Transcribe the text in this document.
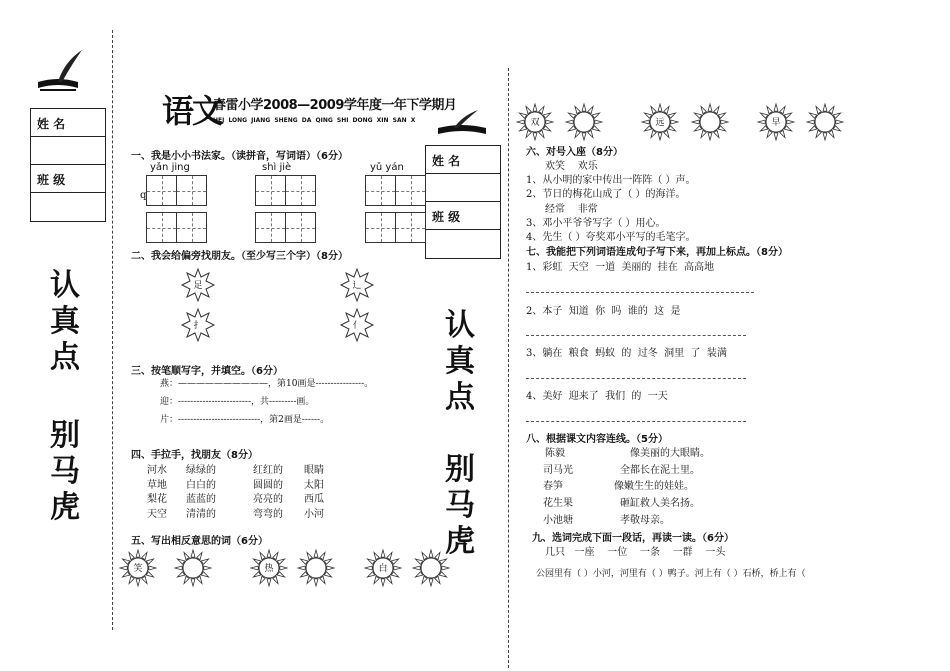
姓 名
班 级
认
真
点
别
马
虎
语文
春雷小学2008—2009学年度一年下学期月
HEI LONG JIANG SHENG DA QING SHI DONG XIN SAN X
姓 名
班 级
认
真
点
别
马
虎
一、我是小小书法家。（读拼音，写词语）（6分）
yǎn jing	shì jiè	yǔ yán
q
二、我会给偏旁找朋友。（至少写三个字）（8分）
足	辶
扌	亻
三、按笔顺写字，并填空。（6分）
燕：——————————，第10画是----------------。
迎：------------------------，共---------画。
片：---------------------------，第2画是------。
四、手拉手，找朋友（8分）
河水 绿绿的	红红的 眼睛
草地 白白的	圆圆的 太阳
梨花 蓝蓝的	亮亮的 西瓜
天空 清清的	弯弯的 小河
五、写出相反意思的词（6分）
笑	热	白
双	远	早
六、对号入座（8分）
欢笑    欢乐
1、从小明的家中传出一阵阵（ ）声。
2、节日的梅花山成了（ ）的海洋。
经常    非常
3、邓小平爷爷写字（ ）用心。
4、先生（ ）夸奖邓小平写的毛笔字。
七、我能把下列词语连成句子写下来，再加上标点。（8分）
1、彩虹  天空  一道  美丽的  挂在  高高地
2、本子  知道  你  吗  谁的  这  是
3、躺在  粮食  蚂蚁  的  过冬  洞里  了  装满
4、美好  迎来了  我们  的  一天
八、根据课文内容连线。（5分）
陈毅
司马光
春笋
花生果
小池塘
像美丽的大眼睛。
全都长在泥土里。
像嫩生生的娃娃。
砸缸救人美名扬。
孝敬母亲。
九、选词完成下面一段话，再读一读。（6分）
几只   一座    一位    一条    一群    一头
公园里有（ ）小河，河里有（ ）鸭子。河上有（ ）石桥，桥上有（
